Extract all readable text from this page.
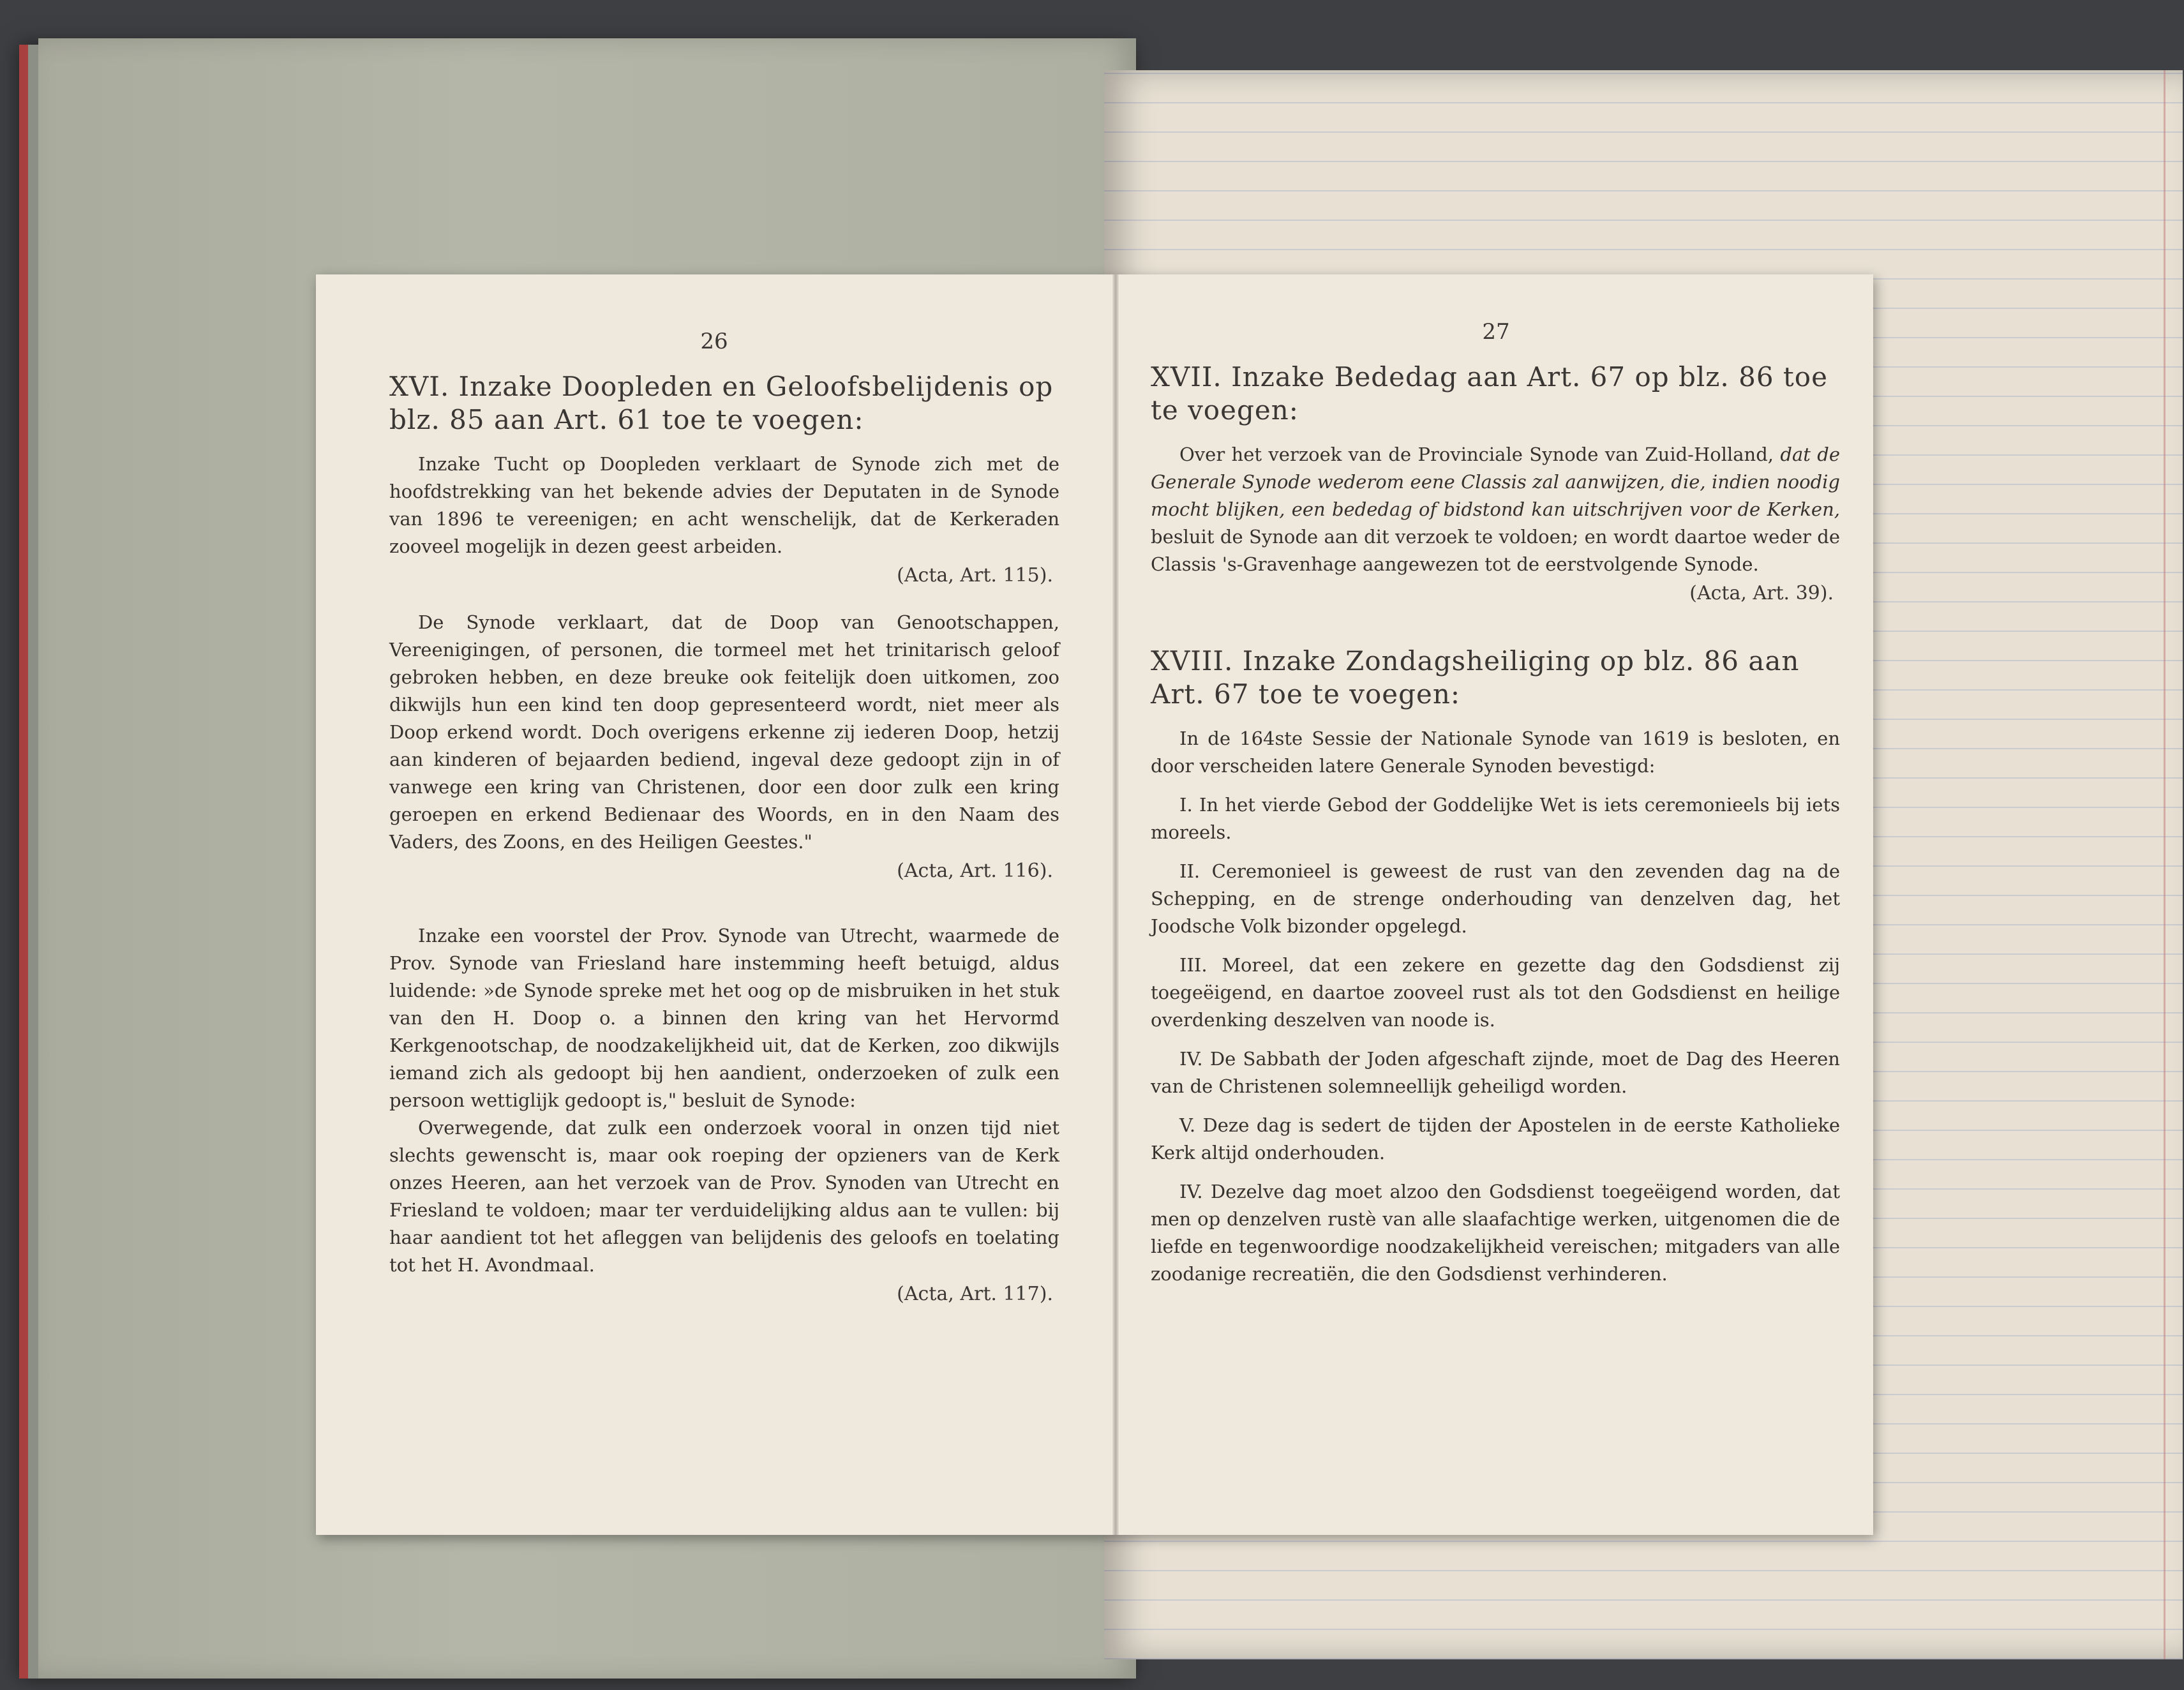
26
XVI. Inzake Doopleden en Geloofsbelijdenis op blz. 85 aan Art. 61 toe te voegen:

Inzake Tucht op Doopleden verklaart de Synode zich met de hoofdstrekking van het bekende advies der Deputaten in de Synode van 1896 te vereenigen; en acht wenschelijk, dat de Kerkeraden zooveel mogelijk in dezen geest arbeiden.

(Acta, Art. 115).

De Synode verklaart, dat de Doop van Genootschappen, Vereenigingen, of personen, die tormeel met het trinitarisch geloof gebroken hebben, en deze breuke ook feitelijk doen uitkomen, zoo dikwijls hun een kind ten doop gepresenteerd wordt, niet meer als Doop erkend wordt. Doch overigens erkenne zij iederen Doop, hetzij aan kinderen of bejaarden bediend, ingeval deze gedoopt zijn in of vanwege een kring van Christenen, door een door zulk een kring geroepen en erkend Bedienaar des Woords, en in den Naam des Vaders, des Zoons, en des Heiligen Geestes."

(Acta, Art. 116).

Inzake een voorstel der Prov. Synode van Utrecht, waarmede de Prov. Synode van Friesland hare instemming heeft betuigd, aldus luidende: »de Synode spreke met het oog op de misbruiken in het stuk van den H. Doop o. a binnen den kring van het Hervormd Kerkgenootschap, de noodzakelijkheid uit, dat de Kerken, zoo dikwijls iemand zich als gedoopt bij hen aandient, onderzoeken of zulk een persoon wettiglijk gedoopt is," besluit de Synode:

Overwegende, dat zulk een onderzoek vooral in onzen tijd niet slechts gewenscht is, maar ook roeping der opzieners van de Kerk onzes Heeren, aan het verzoek van de Prov. Synoden van Utrecht en Friesland te voldoen; maar ter verduidelijking aldus aan te vullen: bij haar aandient tot het afleggen van belijdenis des geloofs en toelating tot het H. Avondmaal.

(Acta, Art. 117).
27
XVII. Inzake Bededag aan Art. 67 op blz. 86 toe te voegen:

Over het verzoek van de Provinciale Synode van Zuid-Holland, dat de Generale Synode wederom eene Classis zal aanwijzen, die, indien noodig mocht blijken, een bededag of bidstond kan uitschrijven voor de Kerken, besluit de Synode aan dit verzoek te voldoen; en wordt daartoe weder de Classis 's-Gravenhage aangewezen tot de eerstvolgende Synode.

(Acta, Art. 39).
XVIII. Inzake Zondagsheiliging op blz. 86 aan Art. 67 toe te voegen:

In de 164ste Sessie der Nationale Synode van 1619 is besloten, en door verscheiden latere Generale Synoden bevestigd:

I. In het vierde Gebod der Goddelijke Wet is iets ceremonieels bij iets moreels.

II. Ceremonieel is geweest de rust van den zevenden dag na de Schepping, en de strenge onderhouding van denzelven dag, het Joodsche Volk bizonder opgelegd.

III. Moreel, dat een zekere en gezette dag den Godsdienst zij toegeëigend, en daartoe zooveel rust als tot den Godsdienst en heilige overdenking deszelven van noode is.

IV. De Sabbath der Joden afgeschaft zijnde, moet de Dag des Heeren van de Christenen solemneellijk geheiligd worden.

V. Deze dag is sedert de tijden der Apostelen in de eerste Katholieke Kerk altijd onderhouden.

IV. Dezelve dag moet alzoo den Godsdienst toegeëigend worden, dat men op denzelven rustè van alle slaafachtige werken, uitgenomen die de liefde en tegenwoordige noodzakelijkheid vereischen; mitgaders van alle zoodanige recreatiën, die den Godsdienst verhinderen.
